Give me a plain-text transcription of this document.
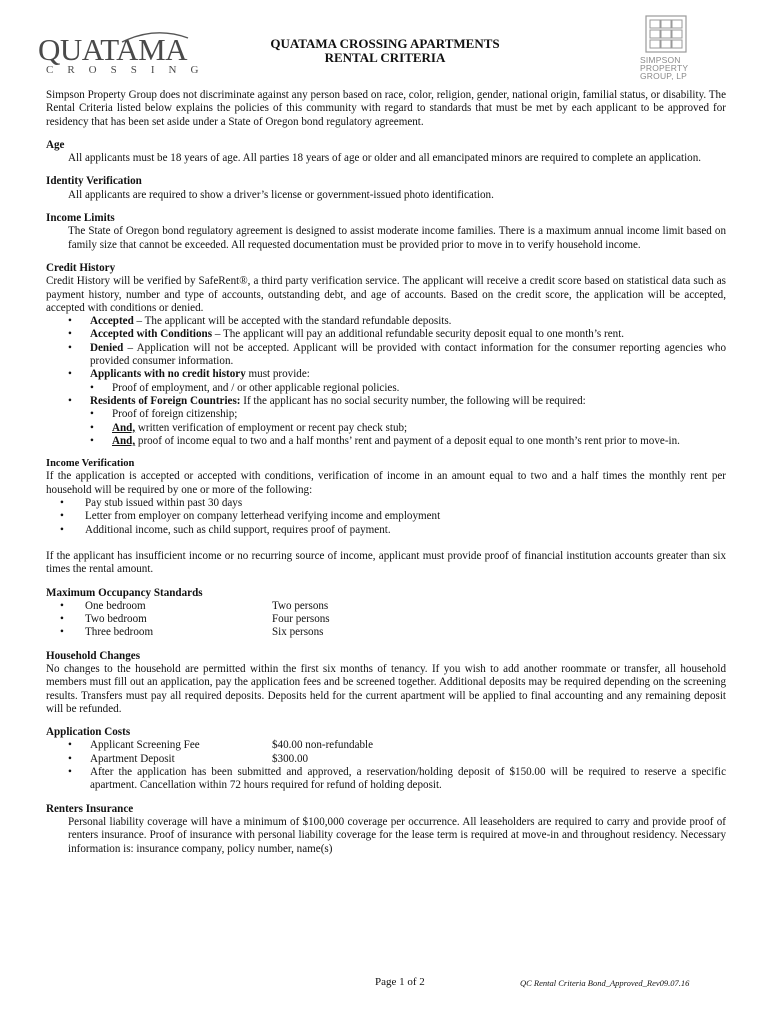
QUATAMA
CROSSING
QUATAMA CROSSING APARTMENTS
RENTAL CRITERIA	SIMPSON
PROPERTY
GROUP, LP

Simpson Property Group does not discriminate against any person based on race, color, religion, gender, national origin, familial status, or disability. The Rental Criteria listed below explains the policies of this community with regard to standards that must be met by each applicant to be approved for residency that has been set aside under a State of Oregon bond regulatory agreement.

Age

All applicants must be 18 years of age. All parties 18 years of age or older and all emancipated minors are required to complete an application.

Identity Verification

All applicants are required to show a driver’s license or government-issued photo identification.

Income Limits

The State of Oregon bond regulatory agreement is designed to assist moderate income families. There is a maximum annual income limit based on family size that cannot be exceeded. All requested documentation must be provided prior to move in to verify household income.

Credit History

Credit History will be verified by SafeRent®, a third party verification service. The applicant will receive a credit score based on statistical data such as payment history, number and type of accounts, outstanding debt, and age of accounts. Based on the credit score, the application will be accepted, accepted with conditions or denied.

• Accepted – The applicant will be accepted with the standard refundable deposits.
• Accepted with Conditions – The applicant will pay an additional refundable security deposit equal to one month’s rent.
• Denied – Application will not be accepted. Applicant will be provided with contact information for the consumer reporting agencies who provided consumer information.
• Applicants with no credit history must provide:
• Proof of employment, and / or other applicable regional policies.
• Residents of Foreign Countries: If the applicant has no social security number, the following will be required:
• Proof of foreign citizenship;
• And, written verification of employment or recent pay check stub;
• And, proof of income equal to two and a half months’ rent and payment of a deposit equal to one month’s rent prior to move-in.
Income Verification

If the application is accepted or accepted with conditions, verification of income in an amount equal to two and a half times the monthly rent per household will be required by one or more of the following:

• Pay stub issued within past 30 days
• Letter from employer on company letterhead verifying income and employment
• Additional income, such as child support, requires proof of payment.

If the applicant has insufficient income or no recurring source of income, applicant must provide proof of financial institution accounts greater than six times the rental amount.

Maximum Occupancy Standards
• One bedroom	Two persons
• Two bedroom	Four persons
• Three bedroom	Six persons
Household Changes

No changes to the household are permitted within the first six months of tenancy. If you wish to add another roommate or transfer, all household members must fill out an application, pay the application fees and be screened together. Additional deposits may be required depending on the screening results. Transfers must pay all required deposits. Deposits held for the current apartment will be applied to final accounting and any remaining deposit will be refunded.

Application Costs
• Applicant Screening Fee	$40.00 non-refundable
• Apartment Deposit	$300.00
• After the application has been submitted and approved, a reservation/holding deposit of $150.00 will be required to reserve a specific apartment. Cancellation within 72 hours required for refund of holding deposit.
Renters Insurance

Personal liability coverage will have a minimum of $100,000 coverage per occurrence. All leaseholders are required to carry and provide proof of renters insurance. Proof of insurance with personal liability coverage for the lease term is required at move-in and throughout residency. Necessary information is: insurance company, policy number, name(s)

Page 1 of 2	QC Rental Criteria Bond_Approved_Rev09.07.16
